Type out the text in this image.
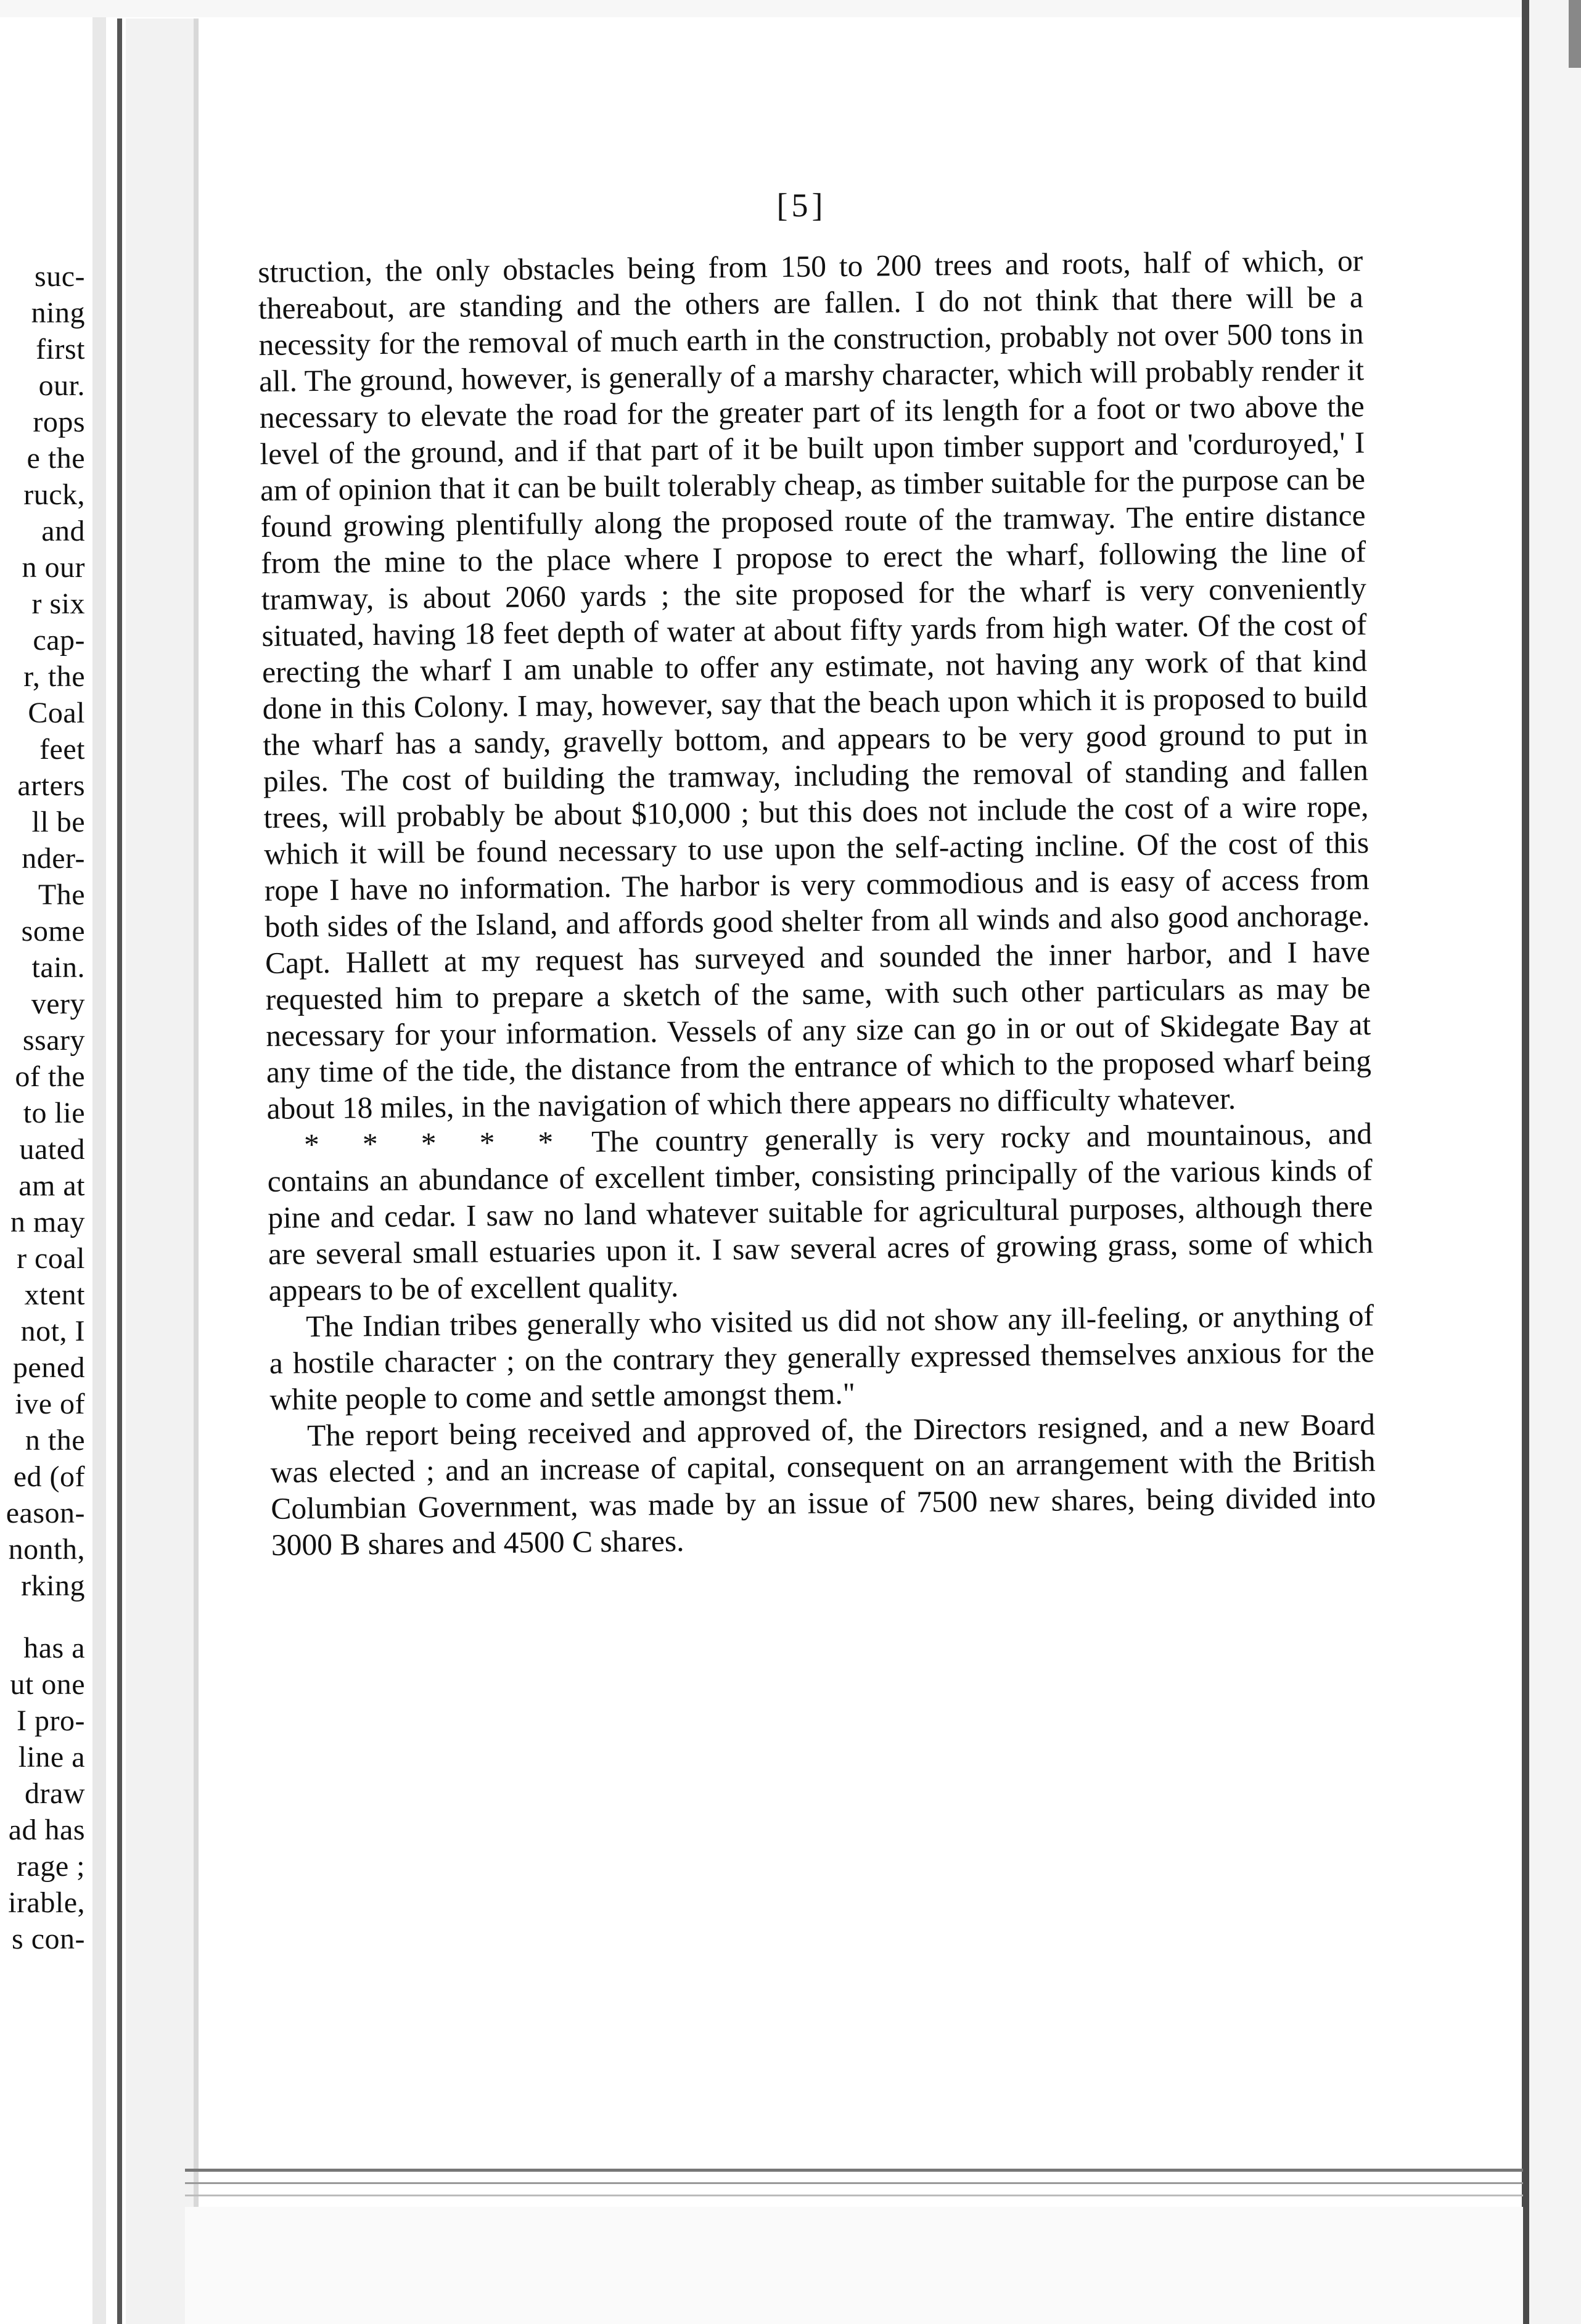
suc-
ning
first
our.
rops
e the
ruck,
and
n our
r six
cap-
r, the
Coal
feet
arters
ll be
nder-
The
some
tain.
very
ssary
of the
to lie
uated
am at
n may
r coal
xtent
not, I
pened
ive of
n the
ed (of
eason-
nonth,
rking
has a
ut one
I pro-
line a
draw
ad has
rage ;
irable,
s con-
[5]

struction, the only obstacles being from 150 to 200 trees and roots, half of which, or thereabout, are standing and the others are fallen. I do not think that there will be a necessity for the removal of much earth in the construction, probably not over 500 tons in all. The ground, however, is generally of a marshy character, which will probably render it necessary to elevate the road for the greater part of its length for a foot or two above the level of the ground, and if that part of it be built upon timber support and 'corduroyed,' I am of opinion that it can be built tolerably cheap, as timber suitable for the purpose can be found growing plentifully along the proposed route of the tramway. The entire distance from the mine to the place where I propose to erect the wharf, following the line of tramway, is about 2060 yards ; the site proposed for the wharf is very conveniently situated, having 18 feet depth of water at about fifty yards from high water. Of the cost of erecting the wharf I am unable to offer any estimate, not having any work of that kind done in this Colony. I may, however, say that the beach upon which it is proposed to build the wharf has a sandy, gravelly bottom, and appears to be very good ground to put in piles. The cost of building the tramway, including the removal of standing and fallen trees, will probably be about $10,000 ; but this does not include the cost of a wire rope, which it will be found necessary to use upon the self-acting incline. Of the cost of this rope I have no information. The harbor is very commodious and is easy of access from both sides of the Island, and affords good shelter from all winds and also good anchorage. Capt. Hallett at my request has surveyed and sounded the inner harbor, and I have requested him to prepare a sketch of the same, with such other particulars as may be necessary for your information. Vessels of any size can go in or out of Skidegate Bay at any time of the tide, the distance from the entrance of which to the proposed wharf being about 18 miles, in the navigation of which there appears no difficulty whatever.

* * * * * The country generally is very rocky and mountainous, and contains an abundance of excellent timber, consisting principally of the various kinds of pine and cedar. I saw no land whatever suitable for agricultural purposes, although there are several small estuaries upon it. I saw several acres of growing grass, some of which appears to be of excellent quality.

The Indian tribes generally who visited us did not show any ill-feeling, or anything of a hostile character ; on the contrary they generally expressed themselves anxious for the white people to come and settle amongst them."

The report being received and approved of, the Directors resigned, and a new Board was elected ; and an increase of capital, consequent on an arrangement with the British Columbian Government, was made by an issue of 7500 new shares, being divided into 3000 B shares and 4500 C shares.
